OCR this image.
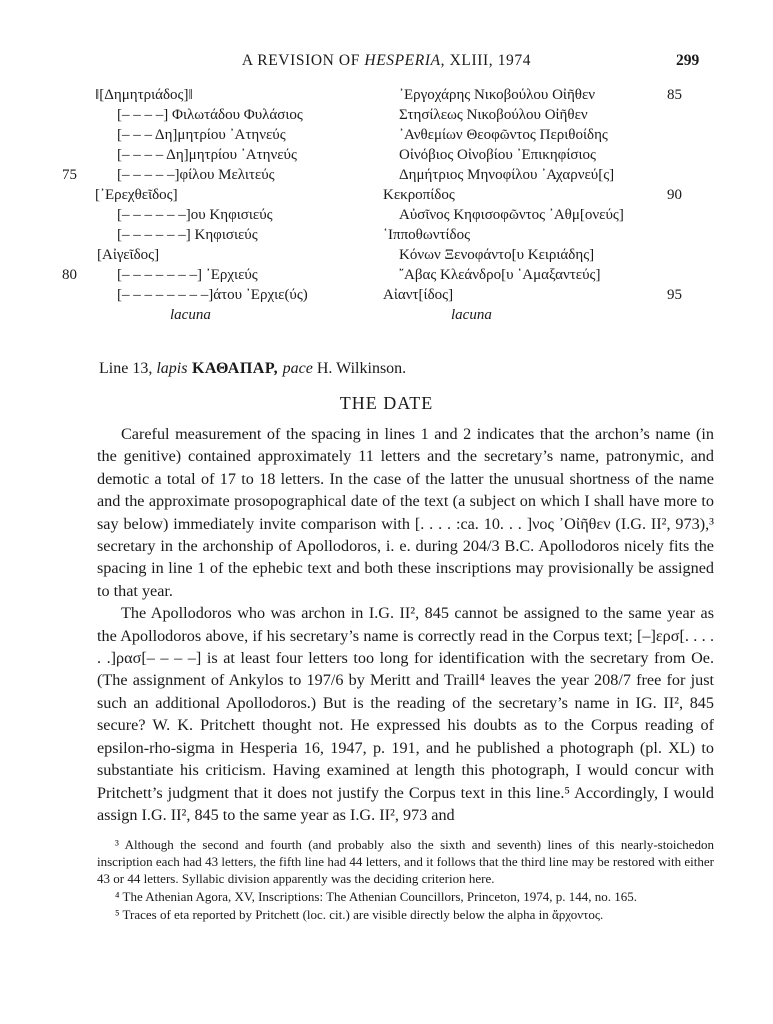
A REVISION OF HESPERIA, XLIII, 1974	299
‖[Δημητριάδος]‖
[– – – –] Φιλωτάδου Φυλάσιος
[– – – Δη]μητρίου ᾿Ατηνεύς
[– – – – Δη]μητρίου ᾿Ατηνεύς
[– – – – –]φίλου Μελιτεύς
[᾿Ερεχθεῖδος]
[– – – – – –]ου Κηφισιεύς
[– – – – – –] Κηφισιεύς
[Αἰγεῖδος]
[– – – – – – –] ᾿Ερχιεύς
[– – – – – – – –]άτου ᾿Ερχιε(ύς)
lacuna
75
80
᾿Εργοχάρης Νικοβούλου Οἰῆθεν
Στησίλεως Νικοβούλου Οἰῆθεν
᾿Ανθεμίων Θεοφῶντος Περιθοίδης
Οἰνόβιος Οἰνοβίου ᾿Επικηφίσιος
Δημήτριος Μηνοφίλου ᾿Αχαρνεύ[ς]
Κεκροπίδος
Αὐσῖνος Κηφισοφῶντος ᾿Αθμ[ονεύς]
῾Ιπποθωντίδος
Κόνων Ξενοφάντο[υ Κειριάδης]
῎Αβας Κλεάνδρο[υ ῾Αμαξαντεύς]
Αἰαντ[ίδος]
lacuna
85
90
95
Line 13, lapis ΚΑΘΑΠΑΡ, pace H. Wilkinson.
THE DATE

Careful measurement of the spacing in lines 1 and 2 indicates that the archon’s name (in the genitive) contained approximately 11 letters and the secretary’s name, patronymic, and demotic a total of 17 to 18 letters. In the case of the latter the unusual shortness of the name and the approximate prosopographical date of the text (a subject on which I shall have more to say below) immediately invite comparison with [. . . . :ca. 10. . . ]νος ᾿Οἰῆθεν (I.G. II², 973),³ secretary in the archonship of Apollodoros, i. e. during 204/3 B.C. Apollodoros nicely fits the spacing in line 1 of the ephebic text and both these inscriptions may provisionally be assigned to that year.

The Apollodoros who was archon in I.G. II², 845 cannot be assigned to the same year as the Apollodoros above, if his secretary’s name is correctly read in the Corpus text; [–]ερσ[. . . . . .]ρασ[– – – –] is at least four letters too long for identification with the secretary from Oe. (The assignment of Ankylos to 197/6 by Meritt and Traill⁴ leaves the year 208/7 free for just such an additional Apollodoros.) But is the reading of the secretary’s name in IG. II², 845 secure? W. K. Pritchett thought not. He expressed his doubts as to the Corpus reading of epsilon-rho-sigma in Hesperia 16, 1947, p. 191, and he published a photograph (pl. XL) to substantiate his criticism. Having examined at length this photograph, I would concur with Pritchett’s judgment that it does not justify the Corpus text in this line.⁵ Accordingly, I would assign I.G. II², 845 to the same year as I.G. II², 973 and

³ Although the second and fourth (and probably also the sixth and seventh) lines of this nearly-stoichedon inscription each had 43 letters, the fifth line had 44 letters, and it follows that the third line may be restored with either 43 or 44 letters. Syllabic division apparently was the deciding criterion here.

⁴ The Athenian Agora, XV, Inscriptions: The Athenian Councillors, Princeton, 1974, p. 144, no. 165.

⁵ Traces of eta reported by Pritchett (loc. cit.) are visible directly below the alpha in ἄρχοντος.
